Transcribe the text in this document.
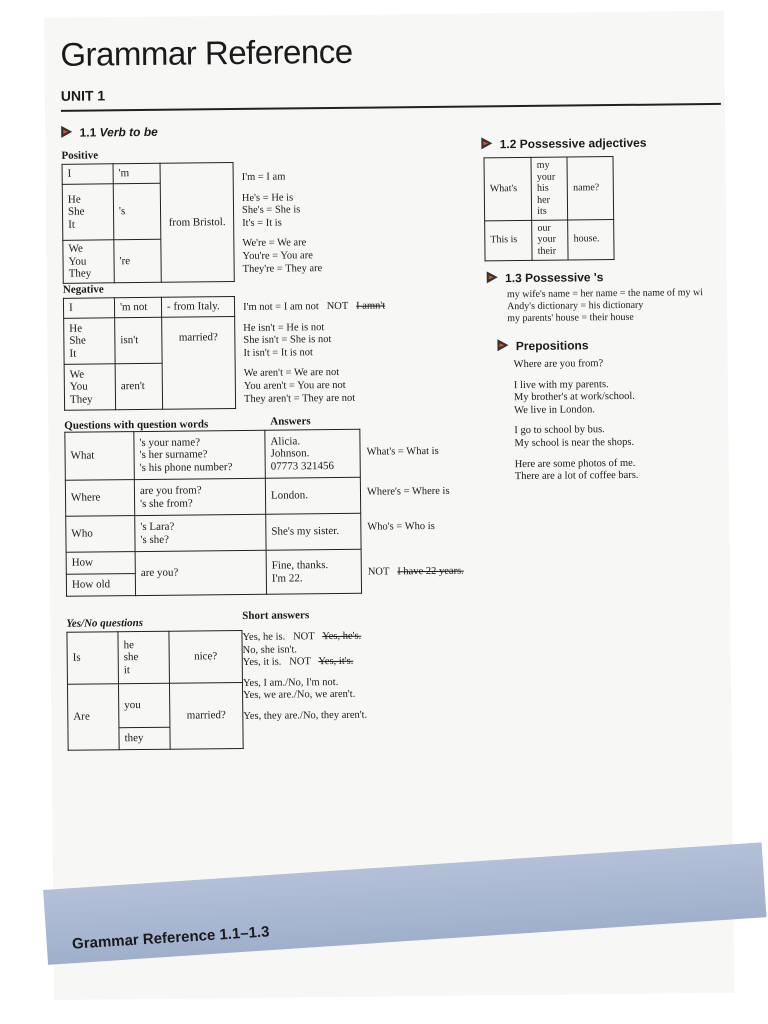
Grammar Reference
UNIT 1
1.1 Verb to be
Positive
I	'm	from Bristol.
He
She
It	's	
We
You
They	're	
I'm = I am
He's = He is
She's = She is
It's = It is
We're = We are
You're = You are
They're = They are
Negative
I	'm not	- from Italy.
He
She
It	isn't	married?
We
You
They	aren't	
I'm not = I am not NOT I amn't
He isn't = He is not
She isn't = She is not
It isn't = It is not
We aren't = We are not
You aren't = You are not
They aren't = They are not
Questions with question words	Answers
What	's your name?
's her surname?
's his phone number?	Alicia.
Johnson.
07773 321456
Where	are you from?
's she from?	London.
Who	's Lara?
's she?	She's my sister.
How	are you?	Fine, thanks.
I'm 22.
How old		
What's = What is
Where's = Where is
Who's = Who is
NOT I have 22 years.
Yes/No questions
Short answers
Is	he
she
it	nice?
Are	you	married?
	they	
Yes, he is. NOT Yes, he's.
No, she isn't.
Yes, it is. NOT Yes, it's.
Yes, I am./No, I'm not.
Yes, we are./No, we aren't.
Yes, they are./No, they aren't.
1.2 Possessive adjectives
What's	my
your
his
her
its	name?
This is	our
your
their	house.
1.3 Possessive 's
my wife's name = her name = the name of my wi
Andy's dictionary = his dictionary
my parents' house = their house
Prepositions
Where are you from?
I live with my parents.
My brother's at work/school.
We live in London.
I go to school by bus.
My school is near the shops.
Here are some photos of me.
There are a lot of coffee bars.
Grammar Reference 1.1–1.3
